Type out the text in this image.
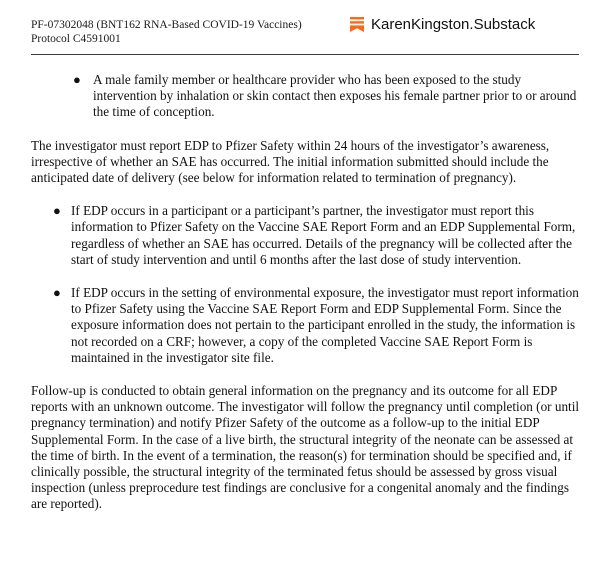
PF-07302048 (BNT162 RNA-Based COVID-19 Vaccines)
Protocol C4591001
KarenKingston.Substack
● A male family member or healthcare provider who has been exposed to the study intervention by inhalation or skin contact then exposes his female partner prior to or around the time of conception.

The investigator must report EDP to Pfizer Safety within 24 hours of the investigator’s awareness, irrespective of whether an SAE has occurred. The initial information submitted should include the anticipated date of delivery (see below for information related to termination of pregnancy).

● If EDP occurs in a participant or a participant’s partner, the investigator must report this information to Pfizer Safety on the Vaccine SAE Report Form and an EDP Supplemental Form, regardless of whether an SAE has occurred. Details of the pregnancy will be collected after the start of study intervention and until 6 months after the last dose of study intervention.
● If EDP occurs in the setting of environmental exposure, the investigator must report information to Pfizer Safety using the Vaccine SAE Report Form and EDP Supplemental Form. Since the exposure information does not pertain to the participant enrolled in the study, the information is not recorded on a CRF; however, a copy of the completed Vaccine SAE Report Form is maintained in the investigator site file.

Follow-up is conducted to obtain general information on the pregnancy and its outcome for all EDP reports with an unknown outcome. The investigator will follow the pregnancy until completion (or until pregnancy termination) and notify Pfizer Safety of the outcome as a follow-up to the initial EDP Supplemental Form. In the case of a live birth, the structural integrity of the neonate can be assessed at the time of birth. In the event of a termination, the reason(s) for termination should be specified and, if clinically possible, the structural integrity of the terminated fetus should be assessed by gross visual inspection (unless preprocedure test findings are conclusive for a congenital anomaly and the findings are reported).
